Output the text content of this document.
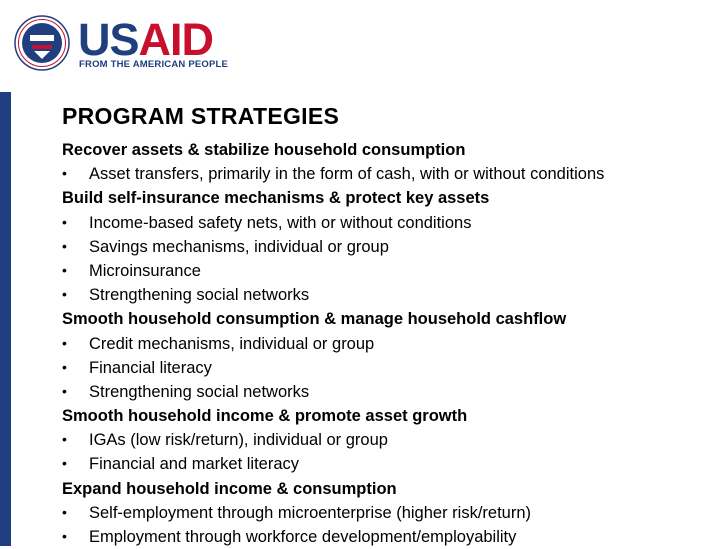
USAID
FROM THE AMERICAN PEOPLE
PROGRAM STRATEGIES
Recover assets & stabilize household consumption
• Asset transfers, primarily in the form of cash, with or without conditions
Build self-insurance mechanisms & protect key assets
• Income-based safety nets, with or without conditions
• Savings mechanisms, individual or group
• Microinsurance
• Strengthening social networks
Smooth household consumption & manage household cashflow
• Credit mechanisms, individual or group
• Financial literacy
• Strengthening social networks
Smooth household income & promote asset growth
• IGAs (low risk/return), individual or group
• Financial and market literacy
Expand household income & consumption
• Self-employment through microenterprise (higher risk/return)
• Employment through workforce development/employability
